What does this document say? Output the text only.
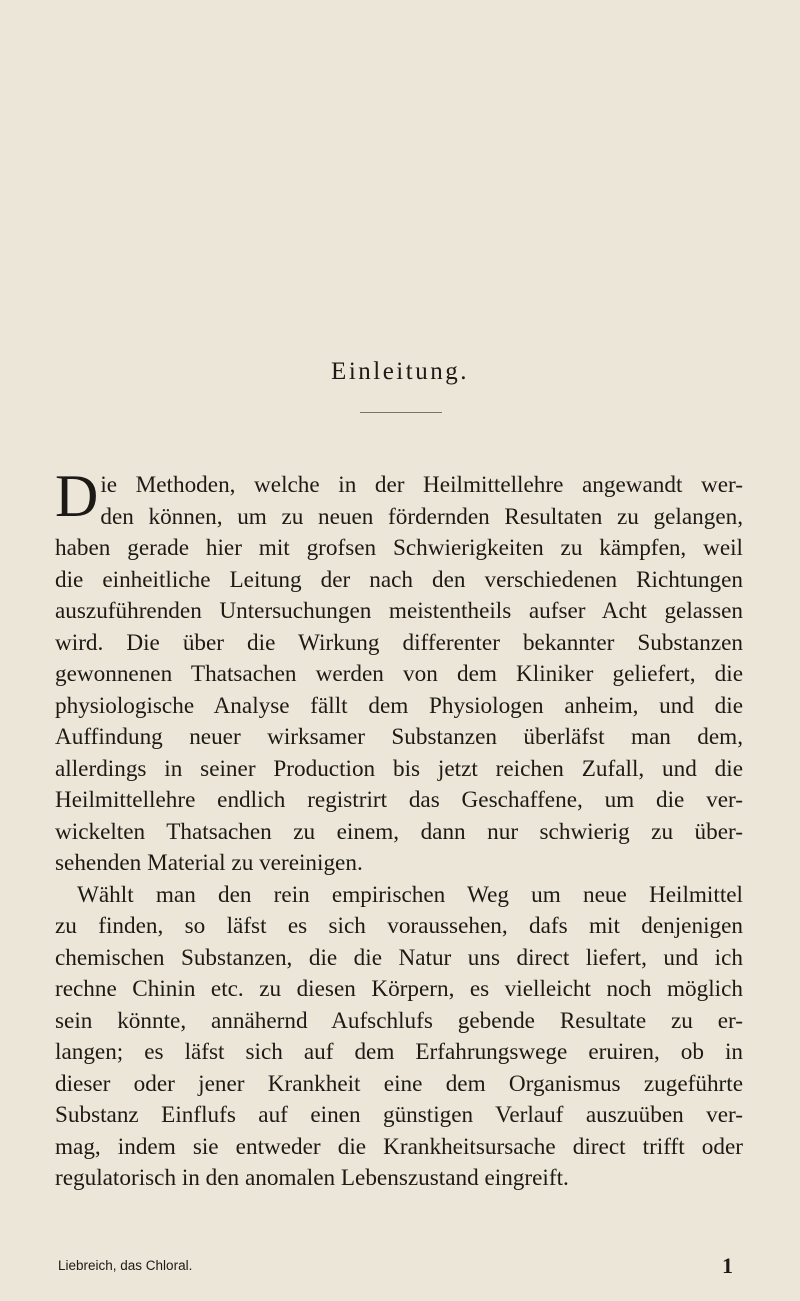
Einleitung.
D ie Methoden, welche in der Heilmittellehre angewandt wer-
den können, um zu neuen fördernden Resultaten zu gelangen,
haben gerade hier mit grofsen Schwierigkeiten zu kämpfen, weil
die einheitliche Leitung der nach den verschiedenen Richtungen
auszuführenden Untersuchungen meistentheils aufser Acht gelassen
wird. Die über die Wirkung differenter bekannter Substanzen
gewonnenen Thatsachen werden von dem Kliniker geliefert, die
physiologische Analyse fällt dem Physiologen anheim, und die
Auffindung neuer wirksamer Substanzen überläfst man dem,
allerdings in seiner Production bis jetzt reichen Zufall, und die
Heilmittellehre endlich registrirt das Geschaffene, um die ver-
wickelten Thatsachen zu einem, dann nur schwierig zu über-
sehenden Material zu vereinigen.
Wählt man den rein empirischen Weg um neue Heilmittel
zu finden, so läfst es sich voraussehen, dafs mit denjenigen
chemischen Substanzen, die die Natur uns direct liefert, und ich
rechne Chinin etc. zu diesen Körpern, es vielleicht noch möglich
sein könnte, annähernd Aufschlufs gebende Resultate zu er-
langen; es läfst sich auf dem Erfahrungswege eruiren, ob in
dieser oder jener Krankheit eine dem Organismus zugeführte
Substanz Einflufs auf einen günstigen Verlauf auszuüben ver-
mag, indem sie entweder die Krankheitsursache direct trifft oder
regulatorisch in den anomalen Lebenszustand eingreift.
Liebreich, das Chloral.	1
